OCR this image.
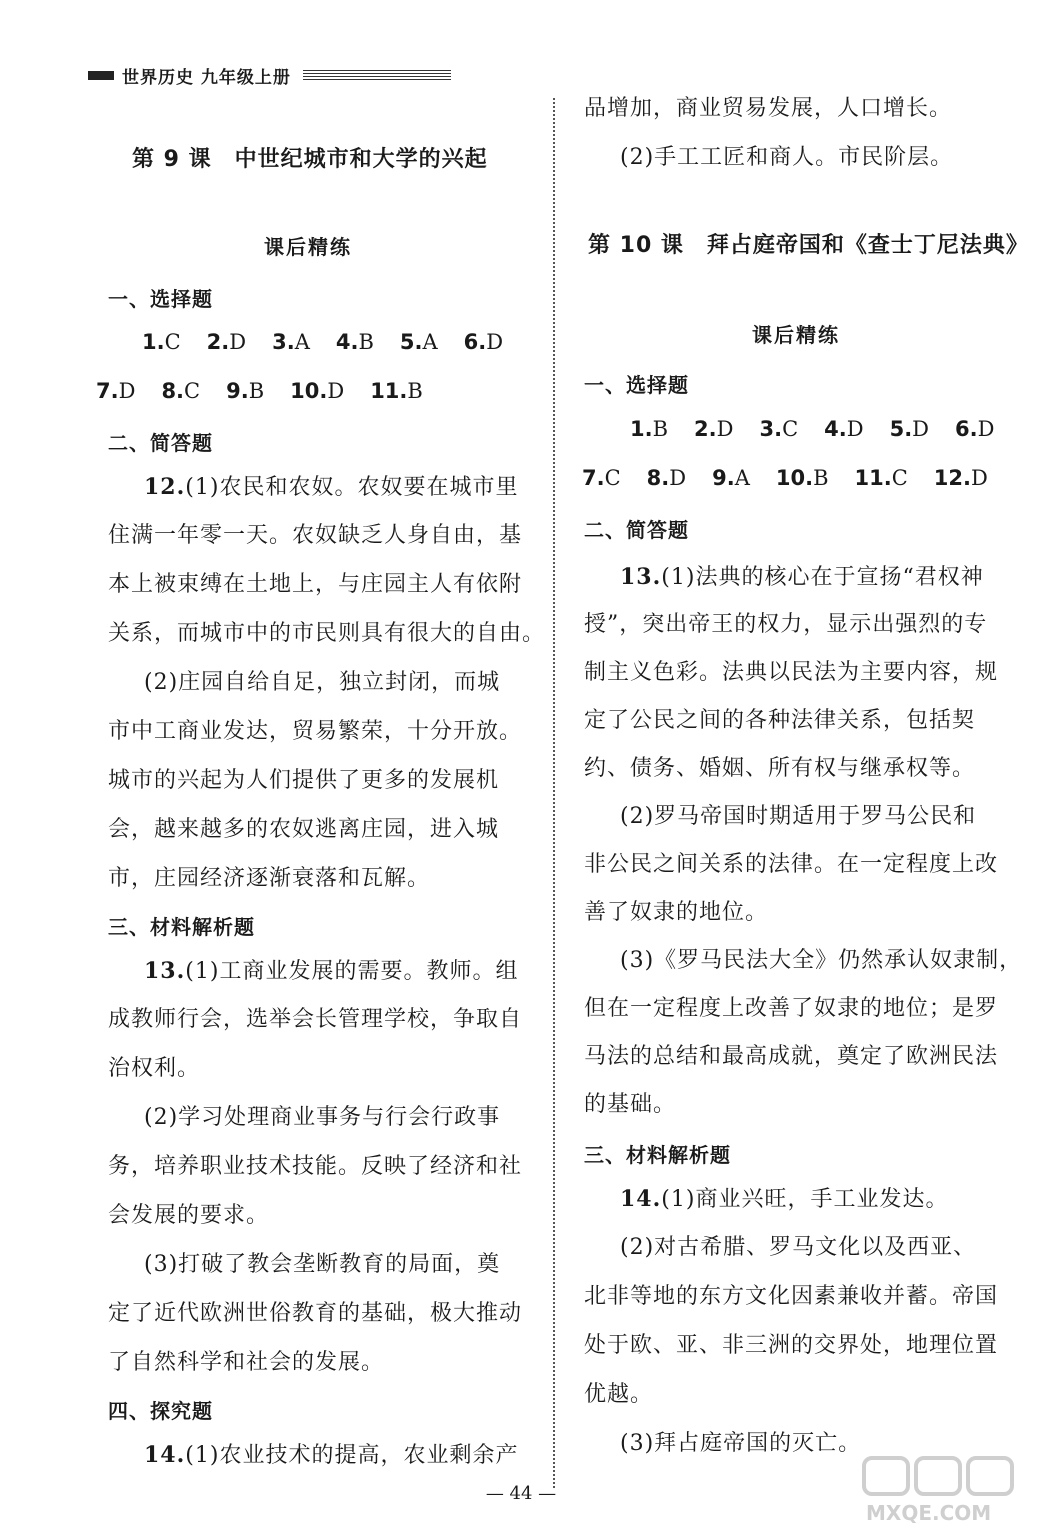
世界历史 九年级上册
第 9 课　中世纪城市和大学的兴起
课后精练
一、选择题
1.C 2.D 3.A 4.B 5.A 6.D
7.D 8.C 9.B 10.D 11.B
二、简答题
12.(1)农民和农奴。农奴要在城市里
住满一年零一天。农奴缺乏人身自由，基
本上被束缚在土地上，与庄园主人有依附
关系，而城市中的市民则具有很大的自由。
(2)庄园自给自足，独立封闭，而城
市中工商业发达，贸易繁荣，十分开放。
城市的兴起为人们提供了更多的发展机
会，越来越多的农奴逃离庄园，进入城
市，庄园经济逐渐衰落和瓦解。
三、材料解析题
13.(1)工商业发展的需要。教师。组
成教师行会，选举会长管理学校，争取自
治权利。
(2)学习处理商业事务与行会行政事
务，培养职业技术技能。反映了经济和社
会发展的要求。
(3)打破了教会垄断教育的局面，奠
定了近代欧洲世俗教育的基础，极大推动
了自然科学和社会的发展。
四、探究题
14.(1)农业技术的提高，农业剩余产
品增加，商业贸易发展，人口增长。
(2)手工工匠和商人。市民阶层。
第 10 课　拜占庭帝国和《查士丁尼法典》
课后精练
一、选择题
1.B 2.D 3.C 4.D 5.D 6.D
7.C 8.D 9.A 10.B 11.C 12.D
二、简答题
13.(1)法典的核心在于宣扬“君权神
授”，突出帝王的权力，显示出强烈的专
制主义色彩。法典以民法为主要内容，规
定了公民之间的各种法律关系，包括契
约、债务、婚姻、所有权与继承权等。
(2)罗马帝国时期适用于罗马公民和
非公民之间关系的法律。在一定程度上改
善了奴隶的地位。
(3)《罗马民法大全》仍然承认奴隶制，
但在一定程度上改善了奴隶的地位；是罗
马法的总结和最高成就，奠定了欧洲民法
的基础。
三、材料解析题
14.(1)商业兴旺，手工业发达。
(2)对古希腊、罗马文化以及西亚、
北非等地的东方文化因素兼收并蓄。帝国
处于欧、亚、非三洲的交界处，地理位置
优越。
(3)拜占庭帝国的灭亡。
— 44 —
MXQE.COM
